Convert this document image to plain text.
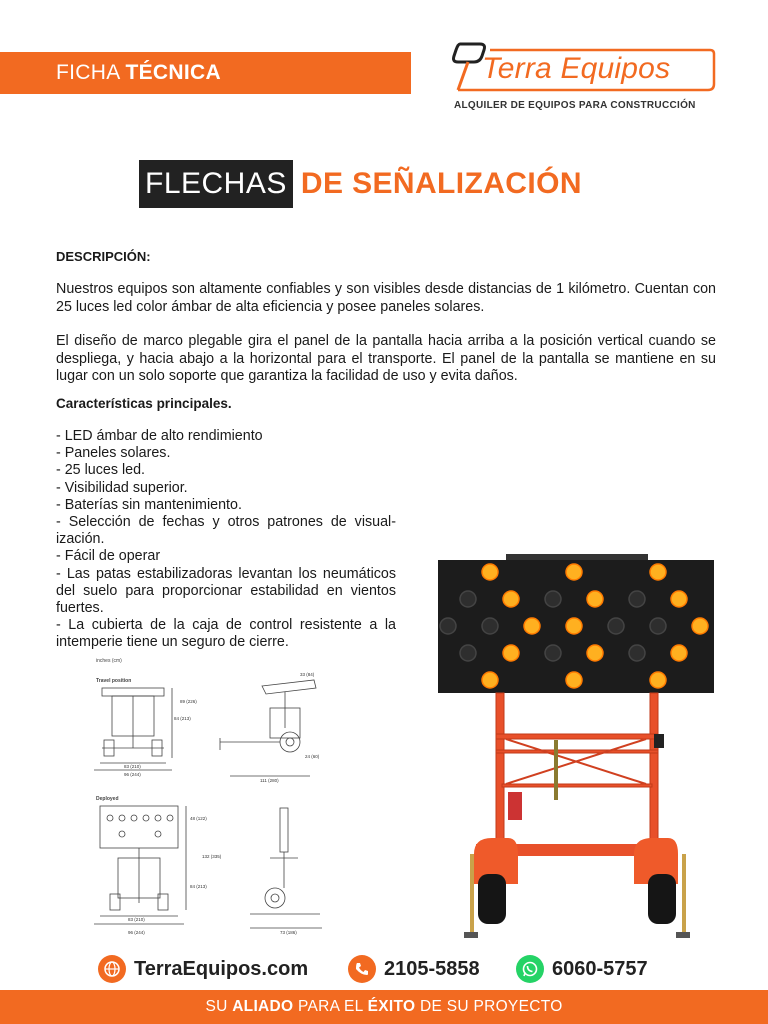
FICHA TÉCNICA	Terra Equipos
ALQUILER DE EQUIPOS PARA CONSTRUCCIÓN
FLECHAS DE SEÑALIZACIÓN
DESCRIPCIÓN:
Nuestros equipos son altamente confiables y son visibles desde distancias de 1 kilómetro. Cuentan con 25 luces led color ámbar de alta eficiencia y posee paneles solares.
El diseño de marco plegable gira el panel de la pantalla hacia arriba a la posición vertical cuando se despliega, y hacia abajo a la horizontal para el transporte. El panel de la pantalla se mantiene en su lugar con un solo soporte que garantiza la facilidad de uso y evita daños.
Características principales.
- LED ámbar de alto rendimiento
- Paneles solares.
- 25 luces led.
- Visibilidad superior.
- Baterías sin mantenimiento.
- Selección de fechas y otros patrones de visual-ización.
- Fácil de operar
- Las patas estabilizadoras levantan los neumáticos del suelo para proporcionar estabilidad en vientos fuertes.
- La cubierta de la caja de control resistente a la intemperie tiene un seguro de cierre.
inches (cm)
Travel position
Deployed
89 (226)
84 (213)
83 (210)
96 (244)
33 (84)
24 (60)
111 (280)
48 (122)
132 (335)
84 (213)
83 (210)
96 (244)	73 (186)
TerraEquipos.com	2105-5858	6060-5757
SU ALIADO PARA EL ÉXITO DE SU PROYECTO
